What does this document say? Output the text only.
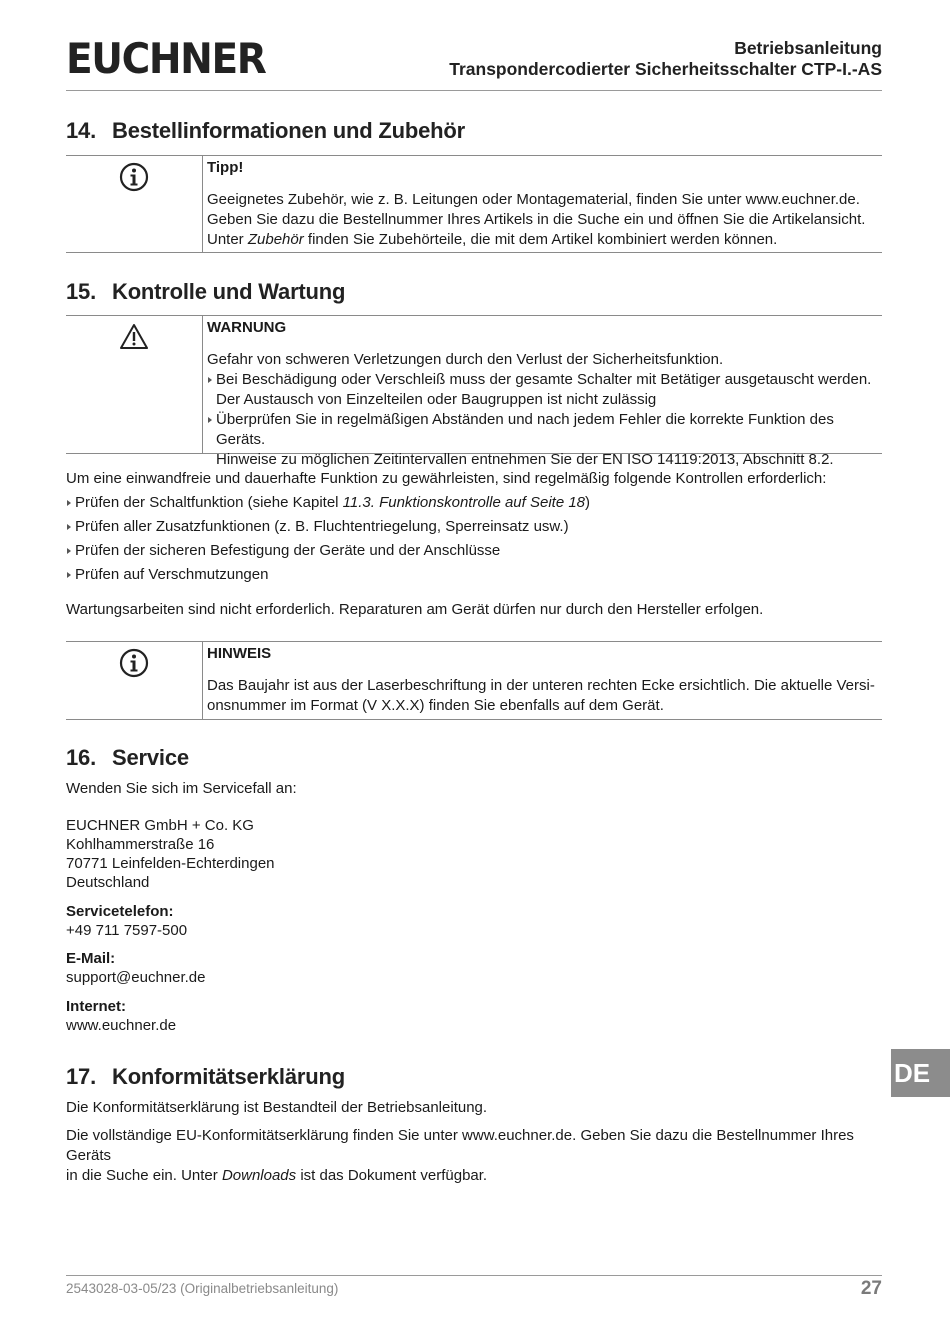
EUCHNER	Betriebsanleitung
Transpondercodierter Sicherheitsschalter CTP-I.-AS
14. Bestellinformationen und Zubehör
Tipp!

Geeignetes Zubehör, wie z. B. Leitungen oder Montagematerial, finden Sie unter www.euchner.de.

Geben Sie dazu die Bestellnummer Ihres Artikels in die Suche ein und öffnen Sie die Artikelansicht.

Unter Zubehör finden Sie Zubehörteile, die mit dem Artikel kombiniert werden können.

15. Kontrolle und Wartung
WARNUNG

Gefahr von schweren Verletzungen durch den Verlust der Sicherheitsfunktion.

Bei Beschädigung oder Verschleiß muss der gesamte Schalter mit Betätiger ausgetauscht werden.
Der Austausch von Einzelteilen oder Baugruppen ist nicht zulässig
Überprüfen Sie in regelmäßigen Abständen und nach jedem Fehler die korrekte Funktion des Geräts.
Hinweise zu möglichen Zeitintervallen entnehmen Sie der EN ISO 14119:2013, Abschnitt 8.2.

Um eine einwandfreie und dauerhafte Funktion zu gewährleisten, sind regelmäßig folgende Kontrollen erforderlich:

Prüfen der Schaltfunktion (siehe Kapitel 11.3. Funktionskontrolle auf Seite 18)
Prüfen aller Zusatzfunktionen (z. B. Fluchtentriegelung, Sperreinsatz usw.)
Prüfen der sicheren Befestigung der Geräte und der Anschlüsse
Prüfen auf Verschmutzungen
Wartungsarbeiten sind nicht erforderlich. Reparaturen am Gerät dürfen nur durch den Hersteller erfolgen.
HINWEIS

Das Baujahr ist aus der Laserbeschriftung in der unteren rechten Ecke ersichtlich. Die aktuelle Versi-

onsnummer im Format (V X.X.X) finden Sie ebenfalls auf dem Gerät.

16. Service
Wenden Sie sich im Servicefall an:
EUCHNER GmbH + Co. KG
Kohlhammerstraße 16
70771 Leinfelden-Echterdingen
Deutschland
Servicetelefon:
+49 711 7597-500
E-Mail:
support@euchner.de
Internet:
www.euchner.de
17. Konformitätserklärung

Die Konformitätserklärung ist Bestandteil der Betriebsanleitung.

Die vollständige EU-Konformitätserklärung finden Sie unter www.euchner.de. Geben Sie dazu die Bestellnummer Ihres Geräts

in die Suche ein. Unter Downloads ist das Dokument verfügbar.

DE
2543028-03-05/23 (Originalbetriebsanleitung)	27
